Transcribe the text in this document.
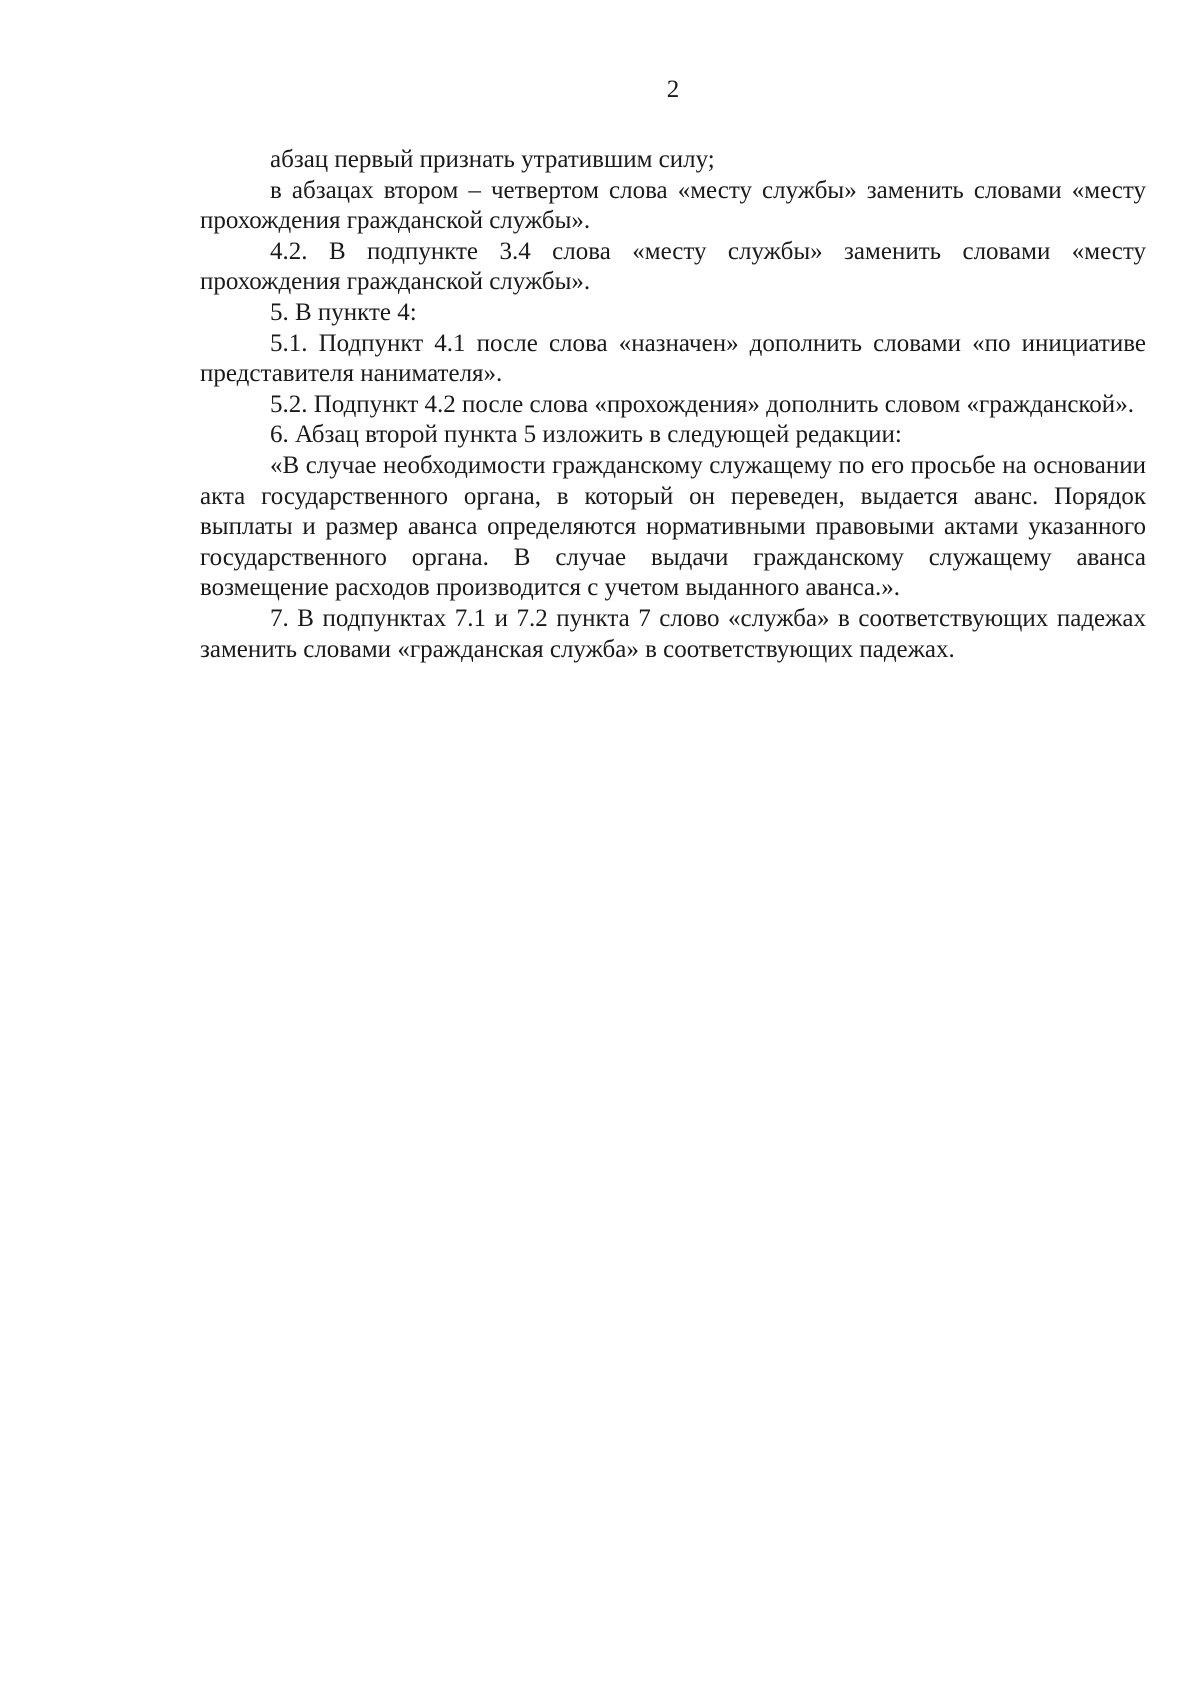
2

абзац первый признать утратившим силу;

в абзацах втором – четвертом слова «месту службы» заменить словами «месту прохождения гражданской службы».

4.2. В подпункте 3.4 слова «месту службы» заменить словами «месту прохождения гражданской службы».

5. В пункте 4:

5.1. Подпункт 4.1 после слова «назначен» дополнить словами «по инициативе представителя нанимателя».

5.2. Подпункт 4.2 после слова «прохождения» дополнить словом «гражданской».

6. Абзац второй пункта 5 изложить в следующей редакции:

«В случае необходимости гражданскому служащему по его просьбе на основании акта государственного органа, в который он переведен, выдается аванс. Порядок выплаты и размер аванса определяются нормативными правовыми актами указанного государственного органа. В случае выдачи гражданскому служащему аванса возмещение расходов производится с учетом выданного аванса.».

7. В подпунктах 7.1 и 7.2 пункта 7 слово «служба» в соответствующих падежах заменить словами «гражданская служба» в соответствующих падежах.
